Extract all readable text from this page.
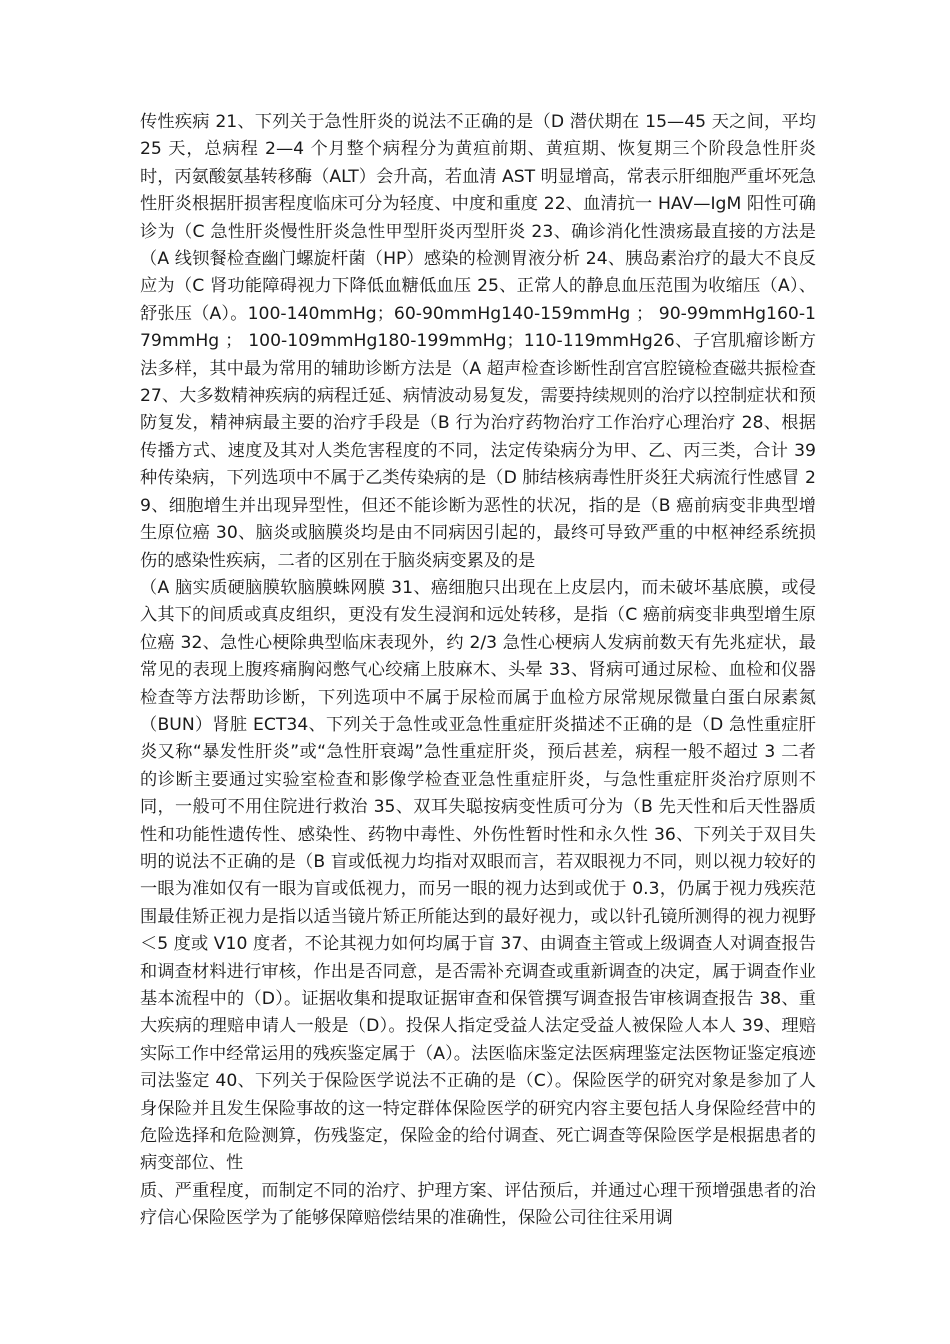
传性疾病 21、下列关于急性肝炎的说法不正确的是（D 潜伏期在 15—45 天之间，平均 25 天，总病程 2—4 个月整个病程分为黄疸前期、黄疸期、恢复期三个阶段急性肝炎时，丙氨酸氨基转移酶（ALT）会升高，若血清 AST 明显增高，常表示肝细胞严重坏死急性肝炎根据肝损害程度临床可分为轻度、中度和重度 22、血清抗一 HAV—IgM 阳性可确诊为（C 急性肝炎慢性肝炎急性甲型肝炎丙型肝炎 23、确诊消化性溃疡最直接的方法是（A 线钡餐检查幽门螺旋杆菌（HP）感染的检测胃液分析 24、胰岛素治疗的最大不良反应为（C 肾功能障碍视力下降低血糖低血压 25、正常人的静息血压范围为收缩压（A）、舒张压（A）。100-140mmHg；60-90mmHg140-159mmHg ； 90-99mmHg160-179mmHg ； 100-109mmHg180-199mmHg；110-119mmHg26、子宫肌瘤诊断方法多样，其中最为常用的辅助诊断方法是（A 超声检查诊断性刮宫宫腔镜检查磁共振检查 27、大多数精神疾病的病程迁延、病情波动易复发，需要持续规则的治疗以控制症状和预防复发，精神病最主要的治疗手段是（B 行为治疗药物治疗工作治疗心理治疗 28、根据传播方式、速度及其对人类危害程度的不同，法定传染病分为甲、乙、丙三类，合计 39 种传染病，下列选项中不属于乙类传染病的是（D 肺结核病毒性肝炎狂犬病流行性感冒 29、细胞增生并出现异型性，但还不能诊断为恶性的状况，指的是（B 癌前病变非典型增生原位癌 30、脑炎或脑膜炎均是由不同病因引起的，最终可导致严重的中枢神经系统损伤的感染性疾病，二者的区别在于脑炎病变累及的是

（A 脑实质硬脑膜软脑膜蛛网膜 31、癌细胞只出现在上皮层内，而未破坏基底膜，或侵入其下的间质或真皮组织，更没有发生浸润和远处转移，是指（C 癌前病变非典型增生原位癌 32、急性心梗除典型临床表现外，约 2/3 急性心梗病人发病前数天有先兆症状，最常见的表现上腹疼痛胸闷憋气心绞痛上肢麻木、头晕 33、肾病可通过尿检、血检和仪器检查等方法帮助诊断，下列选项中不属于尿检而属于血检方尿常规尿微量白蛋白尿素氮（BUN）肾脏 ECT34、下列关于急性或亚急性重症肝炎描述不正确的是（D 急性重症肝炎又称“暴发性肝炎”或“急性肝衰竭”急性重症肝炎，预后甚差，病程一般不超过 3 二者的诊断主要通过实验室检查和影像学检查亚急性重症肝炎，与急性重症肝炎治疗原则不同，一般可不用住院进行救治 35、双耳失聪按病变性质可分为（B 先天性和后天性器质性和功能性遗传性、感染性、药物中毒性、外伤性暂时性和永久性 36、下列关于双目失明的说法不正确的是（B 盲或低视力均指对双眼而言，若双眼视力不同，则以视力较好的一眼为准如仅有一眼为盲或低视力，而另一眼的视力达到或优于 0.3，仍属于视力残疾范围最佳矫正视力是指以适当镜片矫正所能达到的最好视力，或以针孔镜所测得的视力视野＜5 度或 V10 度者，不论其视力如何均属于盲 37、由调查主管或上级调查人对调查报告和调查材料进行审核，作出是否同意，是否需补充调查或重新调查的决定，属于调查作业基本流程中的（D）。证据收集和提取证据审查和保管撰写调查报告审核调查报告 38、重大疾病的理赔申请人一般是（D）。投保人指定受益人法定受益人被保险人本人 39、理赔实际工作中经常运用的残疾鉴定属于（A）。法医临床鉴定法医病理鉴定法医物证鉴定痕迹司法鉴定 40、下列关于保险医学说法不正确的是（C）。保险医学的研究对象是参加了人身保险并且发生保险事故的这一特定群体保险医学的研究内容主要包括人身保险经营中的危险选择和危险测算，伤残鉴定，保险金的给付调查、死亡调查等保险医学是根据患者的病变部位、性

质、严重程度，而制定不同的治疗、护理方案、评估预后，并通过心理干预增强患者的治疗信心保险医学为了能够保障赔偿结果的准确性，保险公司往往采用调
